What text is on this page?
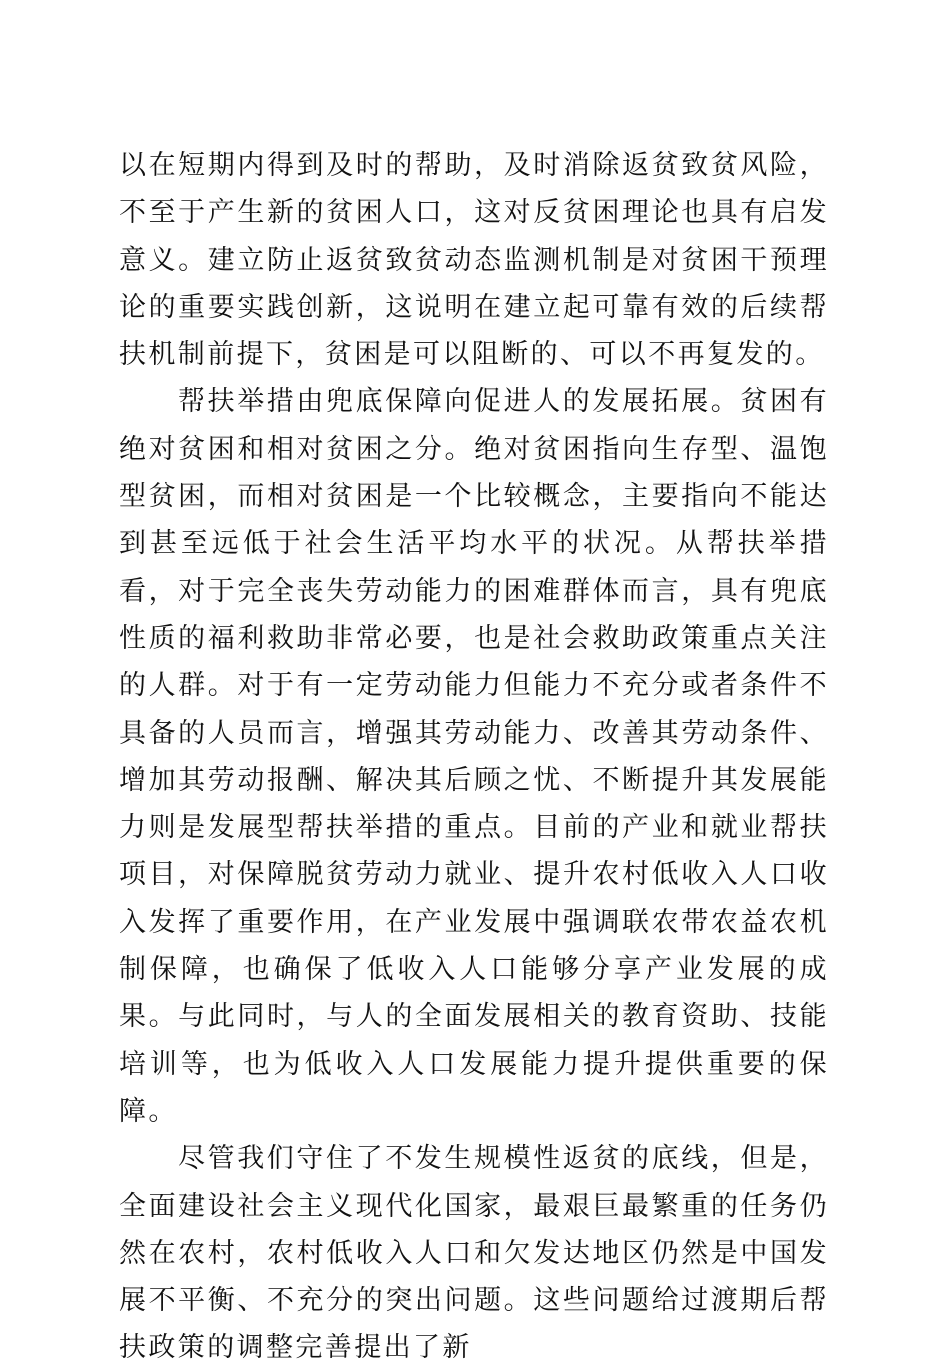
以在短期内得到及时的帮助，及时消除返贫致贫风险，不至于产生新的贫困人口，这对反贫困理论也具有启发意义。建立防止返贫致贫动态监测机制是对贫困干预理论的重要实践创新，这说明在建立起可靠有效的后续帮扶机制前提下，贫困是可以阻断的、可以不再复发的。

帮扶举措由兜底保障向促进人的发展拓展。贫困有绝对贫困和相对贫困之分。绝对贫困指向生存型、温饱型贫困，而相对贫困是一个比较概念，主要指向不能达到甚至远低于社会生活平均水平的状况。从帮扶举措看，对于完全丧失劳动能力的困难群体而言，具有兜底性质的福利救助非常必要，也是社会救助政策重点关注的人群。对于有一定劳动能力但能力不充分或者条件不具备的人员而言，增强其劳动能力、改善其劳动条件、增加其劳动报酬、解决其后顾之忧、不断提升其发展能力则是发展型帮扶举措的重点。目前的产业和就业帮扶项目，对保障脱贫劳动力就业、提升农村低收入人口收入发挥了重要作用，在产业发展中强调联农带农益农机制保障，也确保了低收入人口能够分享产业发展的成果。与此同时，与人的全面发展相关的教育资助、技能培训等，也为低收入人口发展能力提升提供重要的保障。

尽管我们守住了不发生规模性返贫的底线，但是，全面建设社会主义现代化国家，最艰巨最繁重的任务仍然在农村，农村低收入人口和欠发达地区仍然是中国发展不平衡、不充分的突出问题。这些问题给过渡期后帮扶政策的调整完善提出了新
